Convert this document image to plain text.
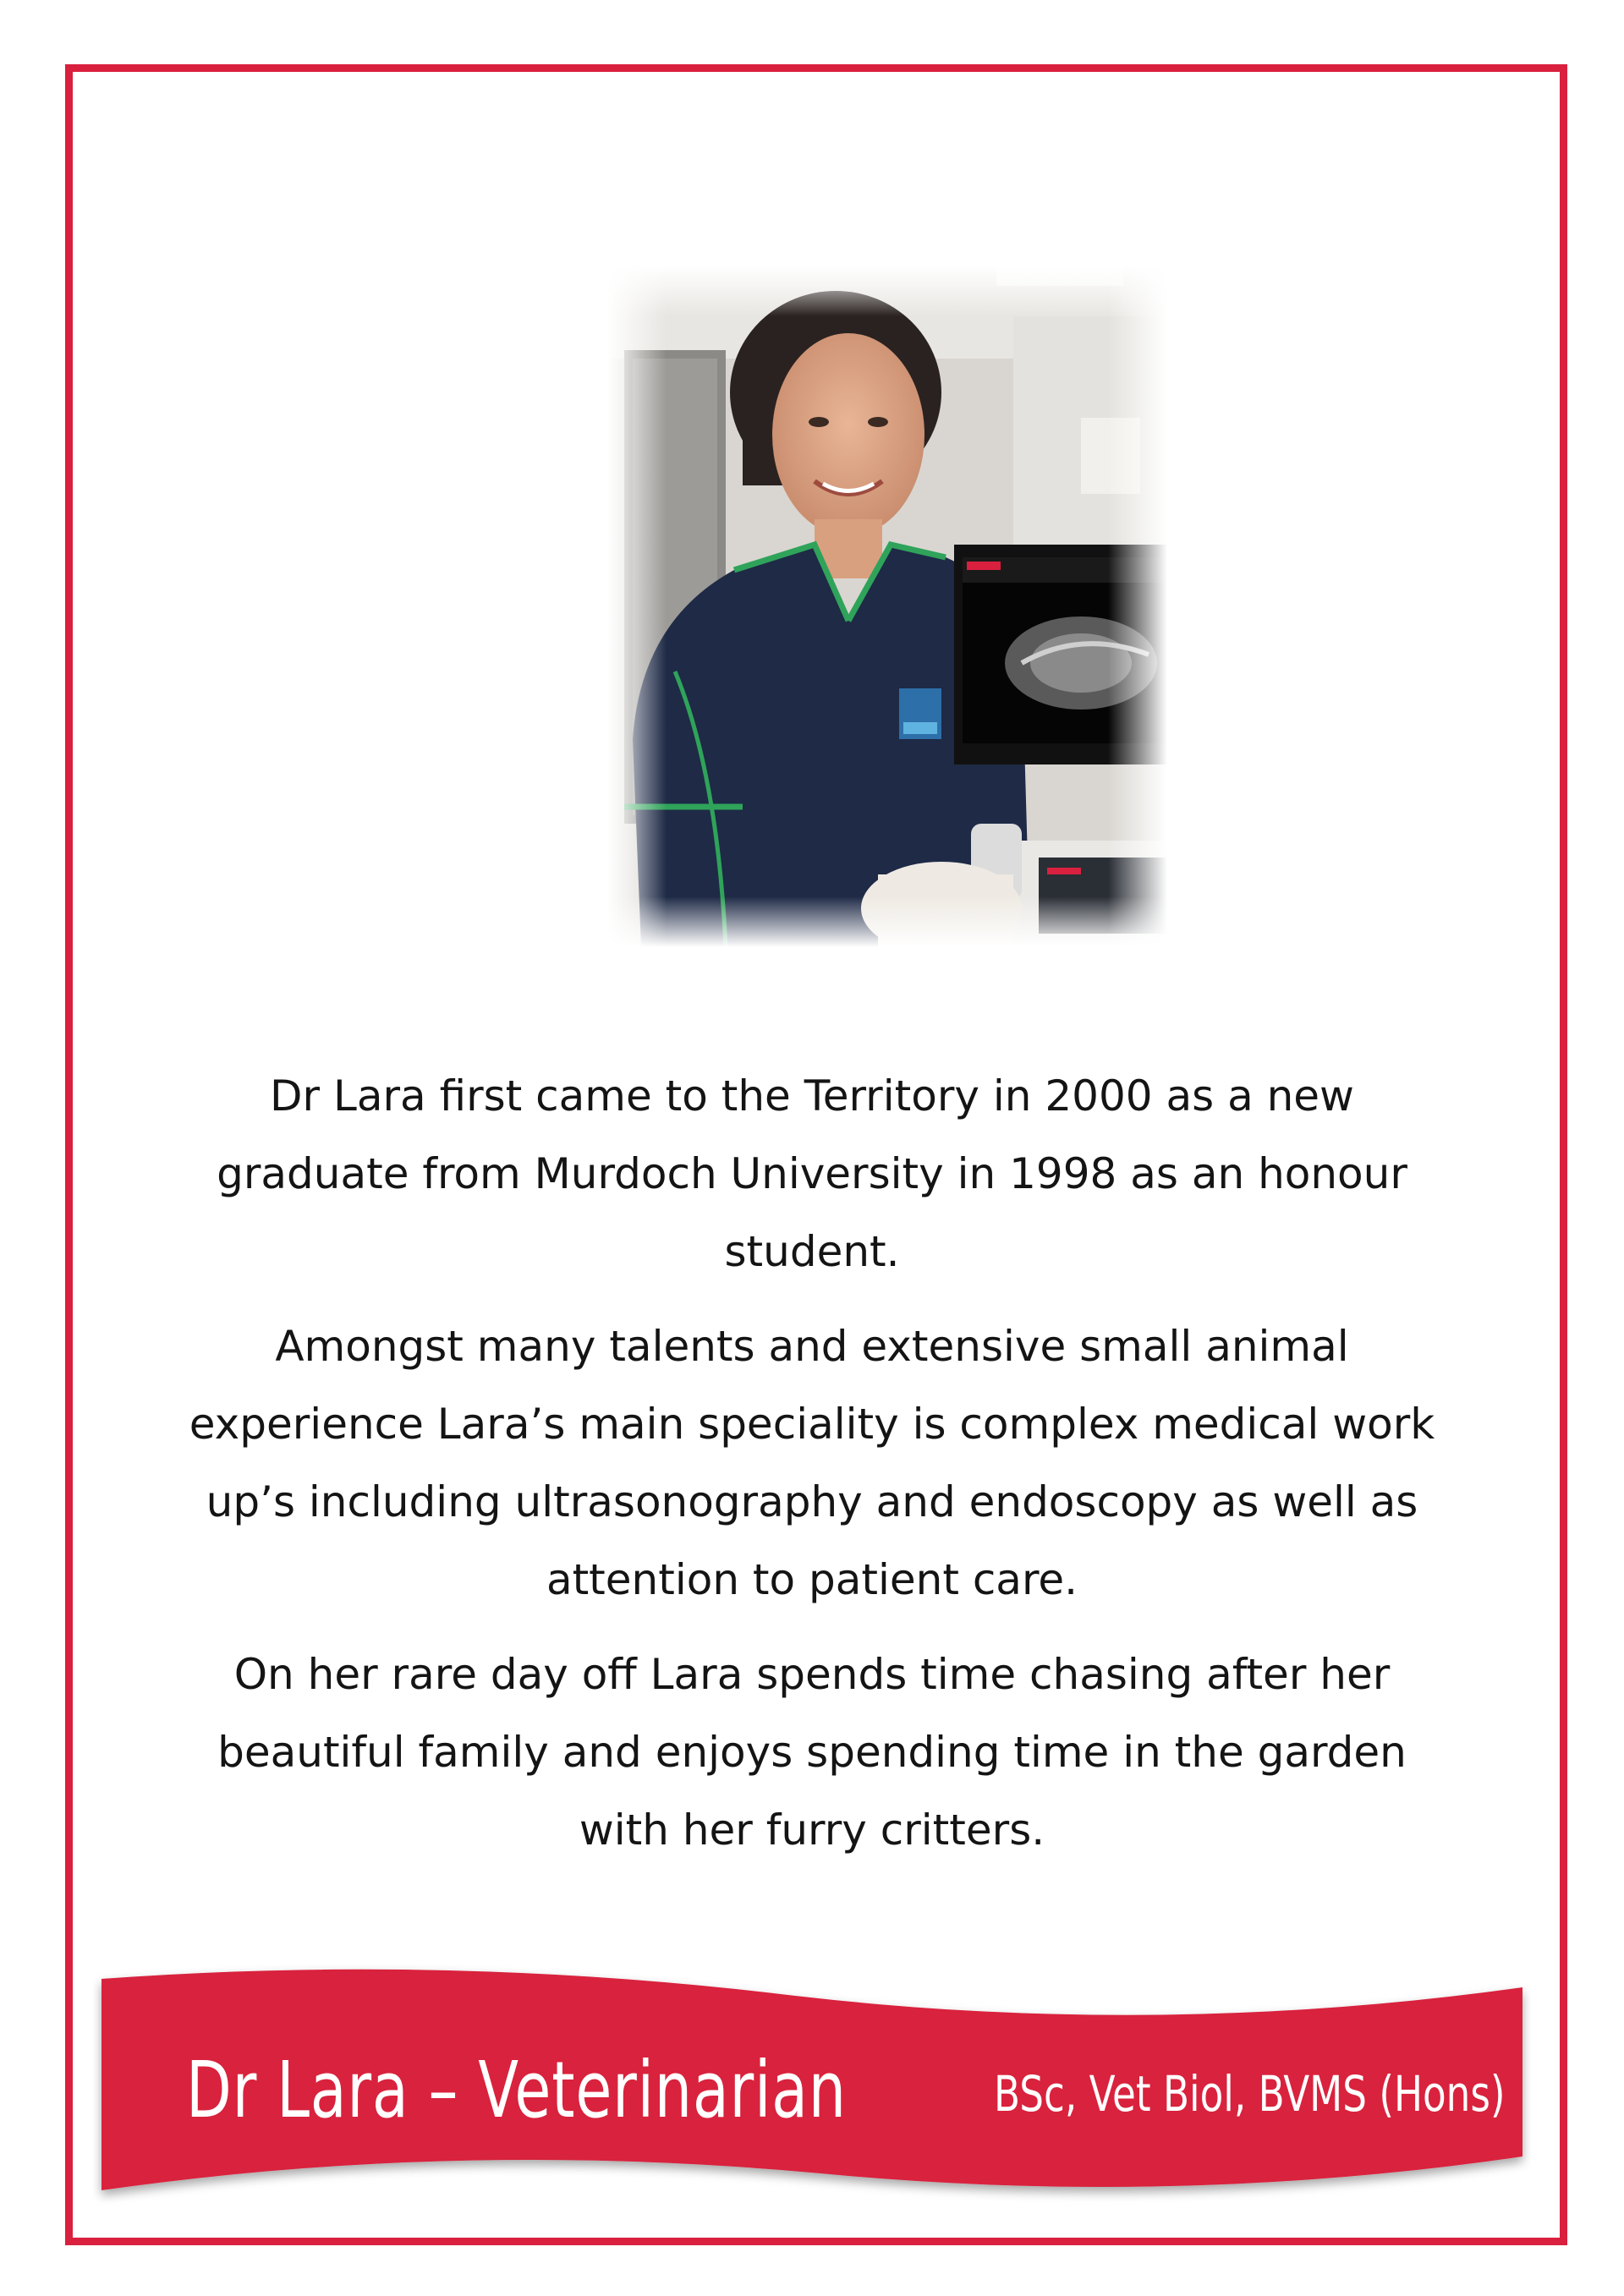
Dr Lara first came to the Territory in 2000 as a new graduate from Murdoch University in 1998 as an honour student.

Amongst many talents and extensive small animal experience Lara’s main speciality is complex medical work up’s including ultrasonography and endoscopy as well as attention to patient care.

On her rare day off Lara spends time chasing after her beautiful family and enjoys spending time in the garden with her furry critters.

Dr Lara – Veterinarian	BSc, Vet Biol, BVMS (Hons)
